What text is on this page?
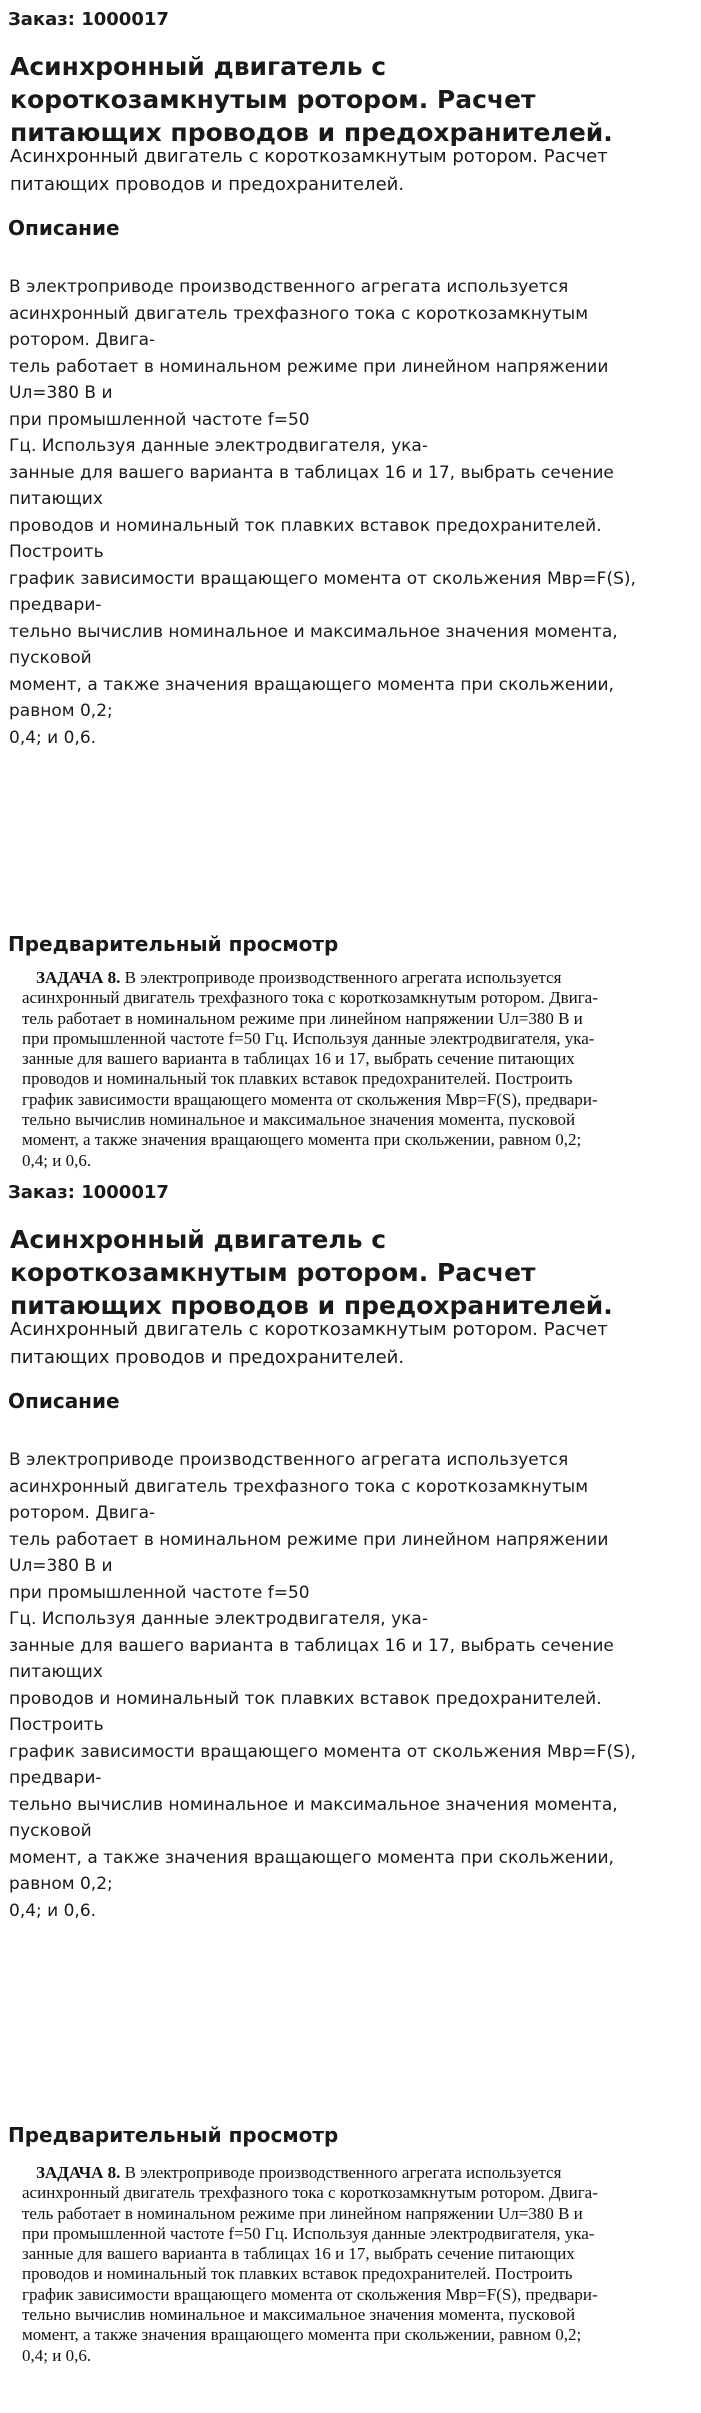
Заказ: 1000017
Асинхронный двигатель с короткозамкнутым ротором. Расчет питающих проводов и предохранителей.
Асинхронный двигатель с короткозамкнутым ротором. Расчет питающих проводов и предохранителей.
Описание
В электроприводе производственного агрегата используется
асинхронный двигатель трехфазного тока с короткозамкнутым
ротором. Двига-
тель работает в номинальном режиме при линейном напряжении
Uл=380 В и
при промышленной частоте f=50
Гц. Используя данные электродвигателя, ука-
занные для вашего варианта в таблицах 16 и 17, выбрать сечение
питающих
проводов и номинальный ток плавких вставок предохранителей.
Построить
график зависимости вращающего момента от скольжения Mвр=F(S),
предвари-
тельно вычислив номинальное и максимальное значения момента,
пусковой
момент, а также значения вращающего момента при скольжении,
равном 0,2;
0,4; и 0,6.
Предварительный просмотр
ЗАДАЧА 8. В электроприводе производственного агрегата используется
асинхронный двигатель трехфазного тока с короткозамкнутым ротором. Двига-
тель работает в номинальном режиме при линейном напряжении Uл=380 В и
при промышленной частоте f=50 Гц. Используя данные электродвигателя, ука-
занные для вашего варианта в таблицах 16 и 17, выбрать сечение питающих
проводов и номинальный ток плавких вставок предохранителей. Построить
график зависимости вращающего момента от скольжения Mвр=F(S), предвари-
тельно вычислив номинальное и максимальное значения момента, пусковой
момент, а также значения вращающего момента при скольжении, равном 0,2;
0,4; и 0,6.
Заказ: 1000017
Асинхронный двигатель с короткозамкнутым ротором. Расчет питающих проводов и предохранителей.
Асинхронный двигатель с короткозамкнутым ротором. Расчет питающих проводов и предохранителей.
Описание
В электроприводе производственного агрегата используется
асинхронный двигатель трехфазного тока с короткозамкнутым
ротором. Двига-
тель работает в номинальном режиме при линейном напряжении
Uл=380 В и
при промышленной частоте f=50
Гц. Используя данные электродвигателя, ука-
занные для вашего варианта в таблицах 16 и 17, выбрать сечение
питающих
проводов и номинальный ток плавких вставок предохранителей.
Построить
график зависимости вращающего момента от скольжения Mвр=F(S),
предвари-
тельно вычислив номинальное и максимальное значения момента,
пусковой
момент, а также значения вращающего момента при скольжении,
равном 0,2;
0,4; и 0,6.
Предварительный просмотр
ЗАДАЧА 8. В электроприводе производственного агрегата используется
асинхронный двигатель трехфазного тока с короткозамкнутым ротором. Двига-
тель работает в номинальном режиме при линейном напряжении Uл=380 В и
при промышленной частоте f=50 Гц. Используя данные электродвигателя, ука-
занные для вашего варианта в таблицах 16 и 17, выбрать сечение питающих
проводов и номинальный ток плавких вставок предохранителей. Построить
график зависимости вращающего момента от скольжения Mвр=F(S), предвари-
тельно вычислив номинальное и максимальное значения момента, пусковой
момент, а также значения вращающего момента при скольжении, равном 0,2;
0,4; и 0,6.
